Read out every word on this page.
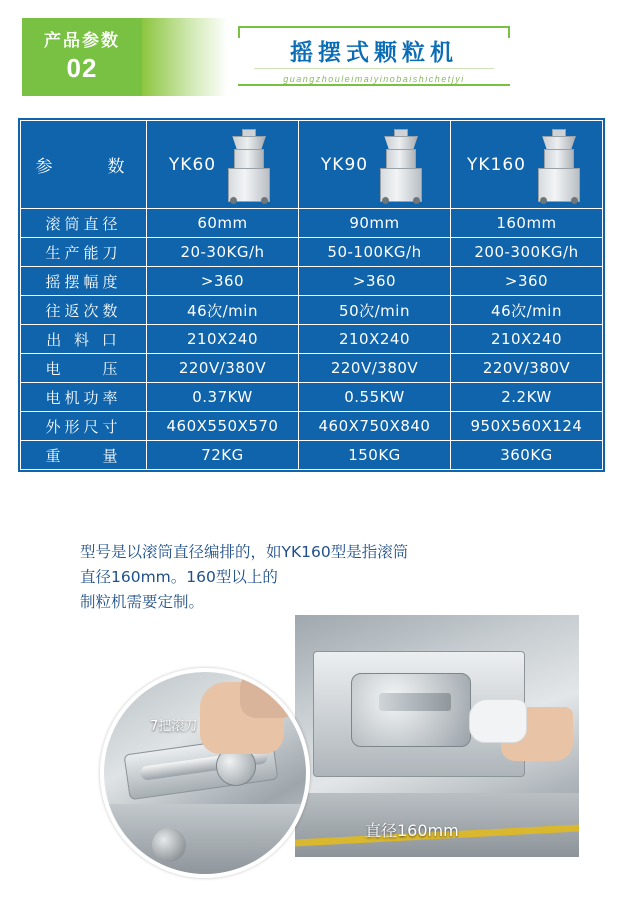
产品参数
02
摇摆式颗粒机
guangzhouleimaiyinobaishichetjyi
参　　数	YK60	YK90	YK160

滚筒直径	60mm	90mm	160mm
生产能刀	20-30KG/h	50-100KG/h	200-300KG/h
摇摆幅度	>360	>360	>360
往返次数	46次/min	50次/min	46次/min
出 料 口	210X240	210X240	210X240
电　　压	220V/380V	220V/380V	220V/380V
电机功率	0.37KW	0.55KW	2.2KW
外形尺寸	460X550X570	460X750X840	950X560X124
重　　量	72KG	150KG	360KG
型号是以滚筒直径编排的，如YK160型是指滚筒
直径160mm。160型以上的
制粒机需要定制。
7把滚刀
直径160mm
